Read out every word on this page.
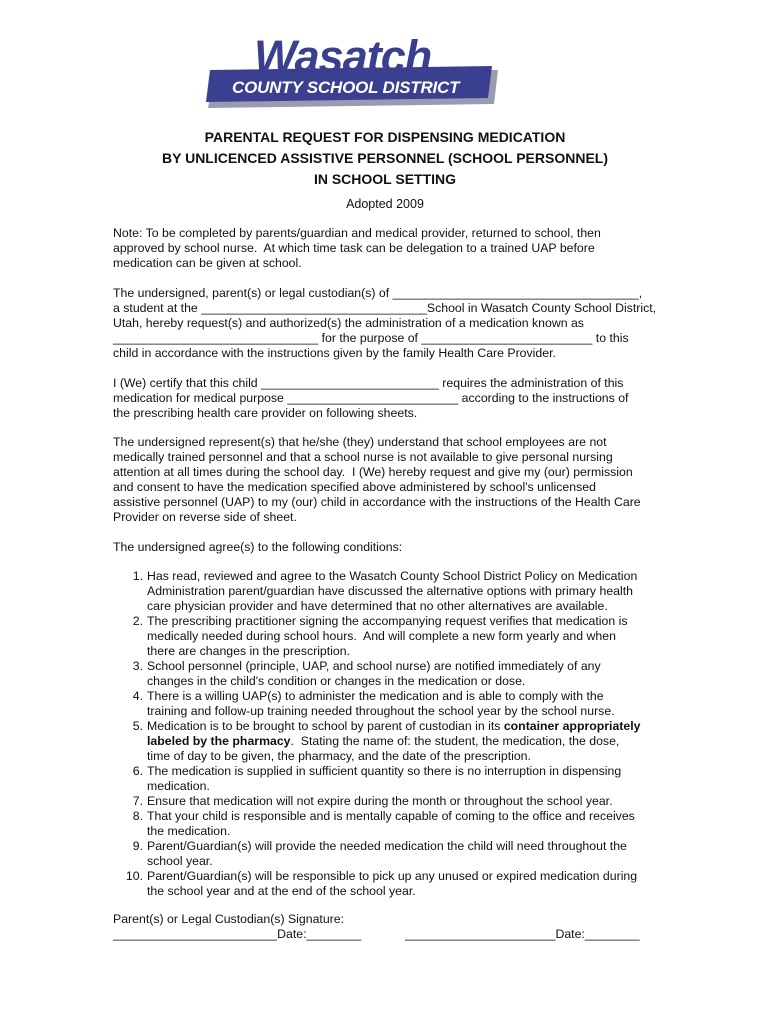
Wasatch
COUNTY SCHOOL DISTRICT
PARENTAL REQUEST FOR DISPENSING MEDICATION
BY UNLICENCED ASSISTIVE PERSONNEL (SCHOOL PERSONNEL)
IN SCHOOL SETTING
Adopted 2009
Note: To be completed by parents/guardian and medical provider, returned to school, then
approved by school nurse.  At which time task can be delegation to a trained UAP before
medication can be given at school.
The undersigned, parent(s) or legal custodian(s) of ____________________________________,
a student at the _________________________________School in Wasatch County School District,
Utah, hereby request(s) and authorized(s) the administration of a medication known as
______________________________ for the purpose of _________________________ to this
child in accordance with the instructions given by the family Health Care Provider.
I (We) certify that this child __________________________ requires the administration of this
medication for medical purpose _________________________ according to the instructions of
the prescribing health care provider on following sheets.
The undersigned represent(s) that he/she (they) understand that school employees are not
medically trained personnel and that a school nurse is not available to give personal nursing
attention at all times during the school day.  I (We) hereby request and give my (our) permission
and consent to have the medication specified above administered by school's unlicensed
assistive personnel (UAP) to my (our) child in accordance with the instructions of the Health Care
Provider on reverse side of sheet.
The undersigned agree(s) to the following conditions:
1. Has read, reviewed and agree to the Wasatch County School District Policy on Medication
Administration parent/guardian have discussed the alternative options with primary health
care physician provider and have determined that no other alternatives are available.
2. The prescribing practitioner signing the accompanying request verifies that medication is
medically needed during school hours.  And will complete a new form yearly and when
there are changes in the prescription.
3. School personnel (principle, UAP, and school nurse) are notified immediately of any
changes in the child's condition or changes in the medication or dose.
4. There is a willing UAP(s) to administer the medication and is able to comply with the
training and follow-up training needed throughout the school year by the school nurse.
5. Medication is to be brought to school by parent of custodian in its container appropriately
labeled by the pharmacy.  Stating the name of: the student, the medication, the dose,
time of day to be given, the pharmacy, and the date of the prescription.
6. The medication is supplied in sufficient quantity so there is no interruption in dispensing
medication.
7. Ensure that medication will not expire during the month or throughout the school year.
8. That your child is responsible and is mentally capable of coming to the office and receives
the medication.
9. Parent/Guardian(s) will provide the needed medication the child will need throughout the
school year.
10. Parent/Guardian(s) will be responsible to pick up any unused or expired medication during
the school year and at the end of the school year.
Parent(s) or Legal Custodian(s) Signature:
________________________Date:________	______________________Date:________
